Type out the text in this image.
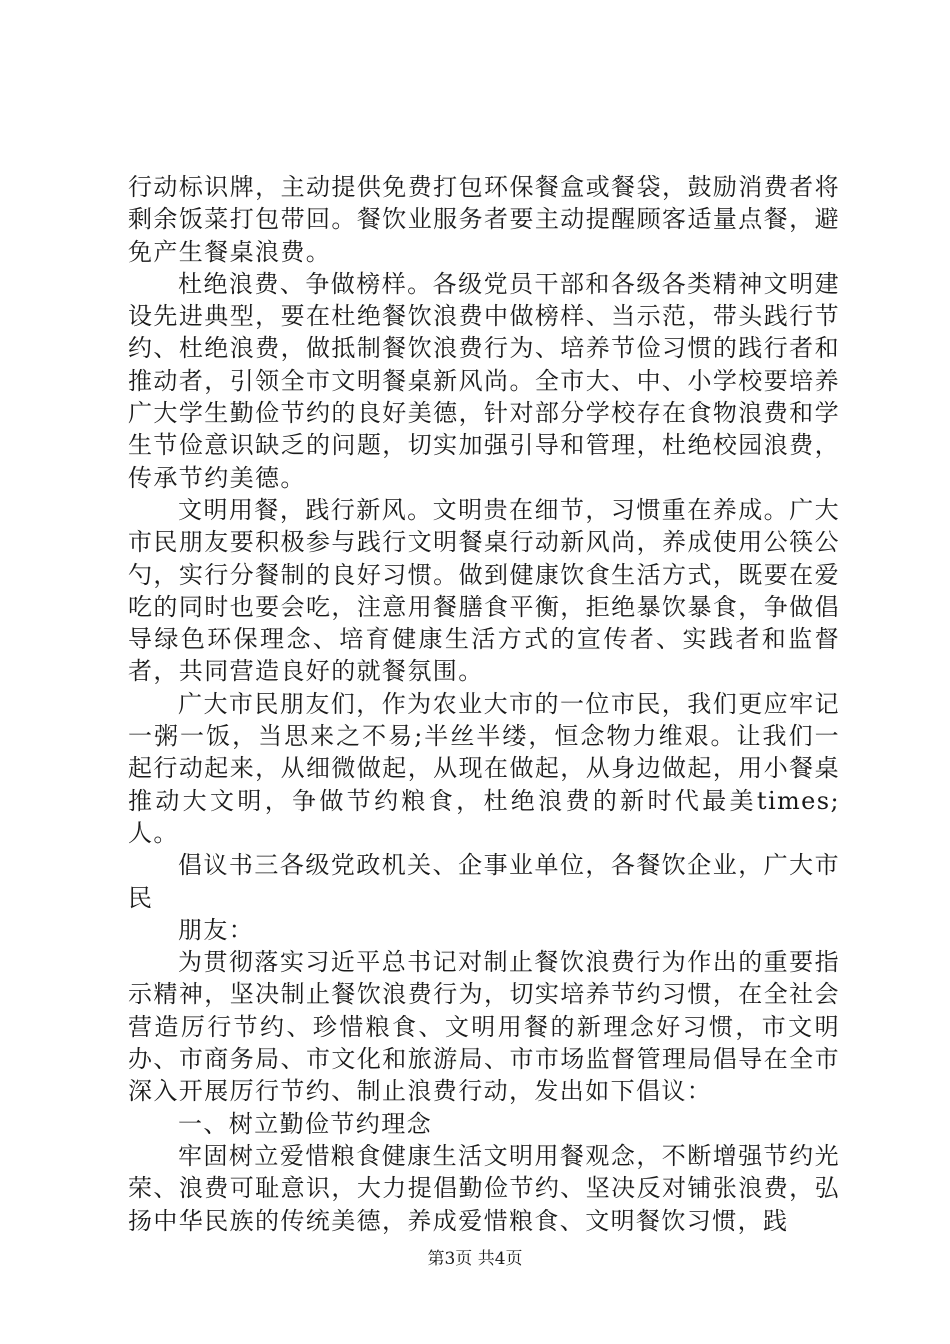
行动标识牌，主动提供免费打包环保餐盒或餐袋，鼓励消费者将剩余饭菜打包带回。餐饮业服务者要主动提醒顾客适量点餐，避免产生餐桌浪费。

杜绝浪费、争做榜样。各级党员干部和各级各类精神文明建设先进典型，要在杜绝餐饮浪费中做榜样、当示范，带头践行节约、杜绝浪费，做抵制餐饮浪费行为、培养节俭习惯的践行者和推动者，引领全市文明餐桌新风尚。全市大、中、小学校要培养广大学生勤俭节约的良好美德，针对部分学校存在食物浪费和学生节俭意识缺乏的问题，切实加强引导和管理，杜绝校园浪费，传承节约美德。

文明用餐，践行新风。文明贵在细节，习惯重在养成。广大市民朋友要积极参与践行文明餐桌行动新风尚，养成使用公筷公勺，实行分餐制的良好习惯。做到健康饮食生活方式，既要在爱吃的同时也要会吃，注意用餐膳食平衡，拒绝暴饮暴食，争做倡导绿色环保理念、培育健康生活方式的宣传者、实践者和监督者，共同营造良好的就餐氛围。

广大市民朋友们，作为农业大市的一位市民，我们更应牢记一粥一饭，当思来之不易;半丝半缕，恒念物力维艰。让我们一起行动起来，从细微做起，从现在做起，从身边做起，用小餐桌推动大文明，争做节约粮食，杜绝浪费的新时代最美times;人。

倡议书三各级党政机关、企事业单位，各餐饮企业，广大市民

朋友：

为贯彻落实习近平总书记对制止餐饮浪费行为作出的重要指示精神，坚决制止餐饮浪费行为，切实培养节约习惯，在全社会营造厉行节约、珍惜粮食、文明用餐的新理念好习惯，市文明办、市商务局、市文化和旅游局、市市场监督管理局倡导在全市深入开展厉行节约、制止浪费行动，发出如下倡议：

一、树立勤俭节约理念

牢固树立爱惜粮食健康生活文明用餐观念，不断增强节约光荣、浪费可耻意识，大力提倡勤俭节约、坚决反对铺张浪费，弘扬中华民族的传统美德，养成爱惜粮食、文明餐饮习惯，践

第3页 共4页
